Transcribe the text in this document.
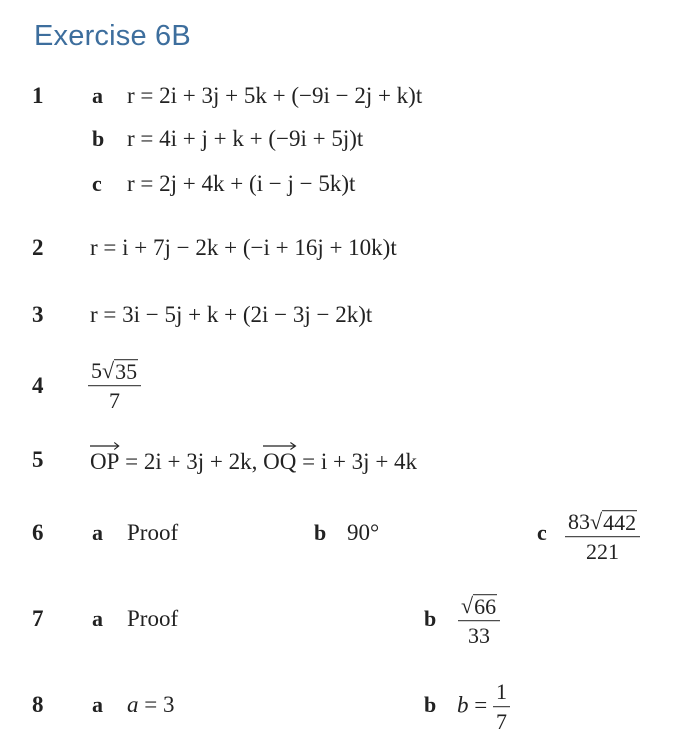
Exercise 6B
1 a r = 2i + 3j + 5k + (−9i − 2j + k)t
b r = 4i + j + k + (−9i + 5j)t
c r = 2j + 4k + (i − j − 5k)t
2 r = i + 7j − 2k + (−i + 16j + 10k)t
3 r = 3i − 5j + k + (2i − 3j − 2k)t
$4 \frac{5 √ 35}{7}$
5 OP = 2i + 3j + 2k, OQ = i + 3j + 4k
6 a Proof	b 90°	c $\frac{83 √ 442}{221}$
7 a Proof	b $\frac{√ 66}{33}$
8 a a = 3	b $b = \frac{1}{7}$
